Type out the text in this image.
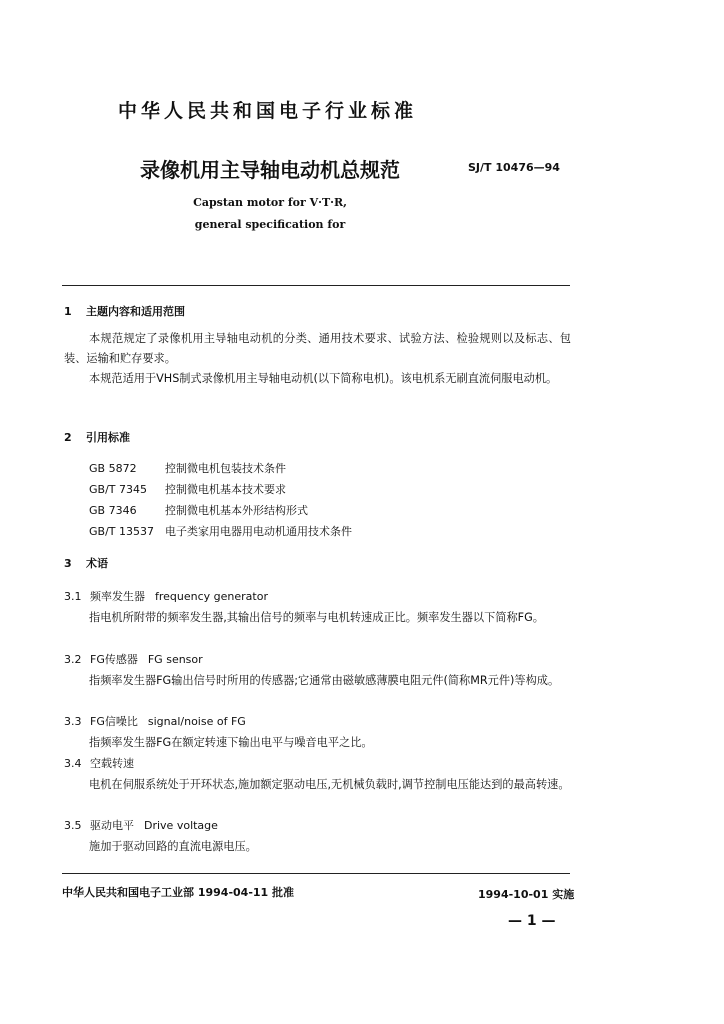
中华人民共和国电子行业标准
录像机用主导轴电动机总规范	SJ/T 10476—94
Capstan motor for V·T·R,
general specification for
1 主题内容和适用范围
本规范规定了录像机用主导轴电动机的分类、通用技术要求、试验方法、检验规则以及标志、包装、运输和贮存要求。
本规范适用于VHS制式录像机用主导轴电动机(以下简称电机)。该电机系无刷直流伺服电动机。
2 引用标准
GB 5872	控制微电机包装技术条件
GB/T 7345 控制微电机基本技术要求
GB 7346	控制微电机基本外形结构形式
GB/T 13537 电子类家用电器用电动机通用技术条件
3 术语
3.1 频率发生器 frequency generator
指电机所附带的频率发生器,其输出信号的频率与电机转速成正比。频率发生器以下简称FG。
3.2 FG传感器 FG sensor
指频率发生器FG输出信号时所用的传感器;它通常由磁敏感薄膜电阻元件(简称MR元件)等构成。
3.3 FG信噪比 signal/noise of FG
指频率发生器FG在额定转速下输出电平与噪音电平之比。
3.4 空载转速
电机在伺服系统处于开环状态,施加额定驱动电压,无机械负载时,调节控制电压能达到的最高转速。
3.5 驱动电平 Drive voltage
施加于驱动回路的直流电源电压。
中华人民共和国电子工业部 1994-04-11 批准	1994-10-01 实施
— 1 —
